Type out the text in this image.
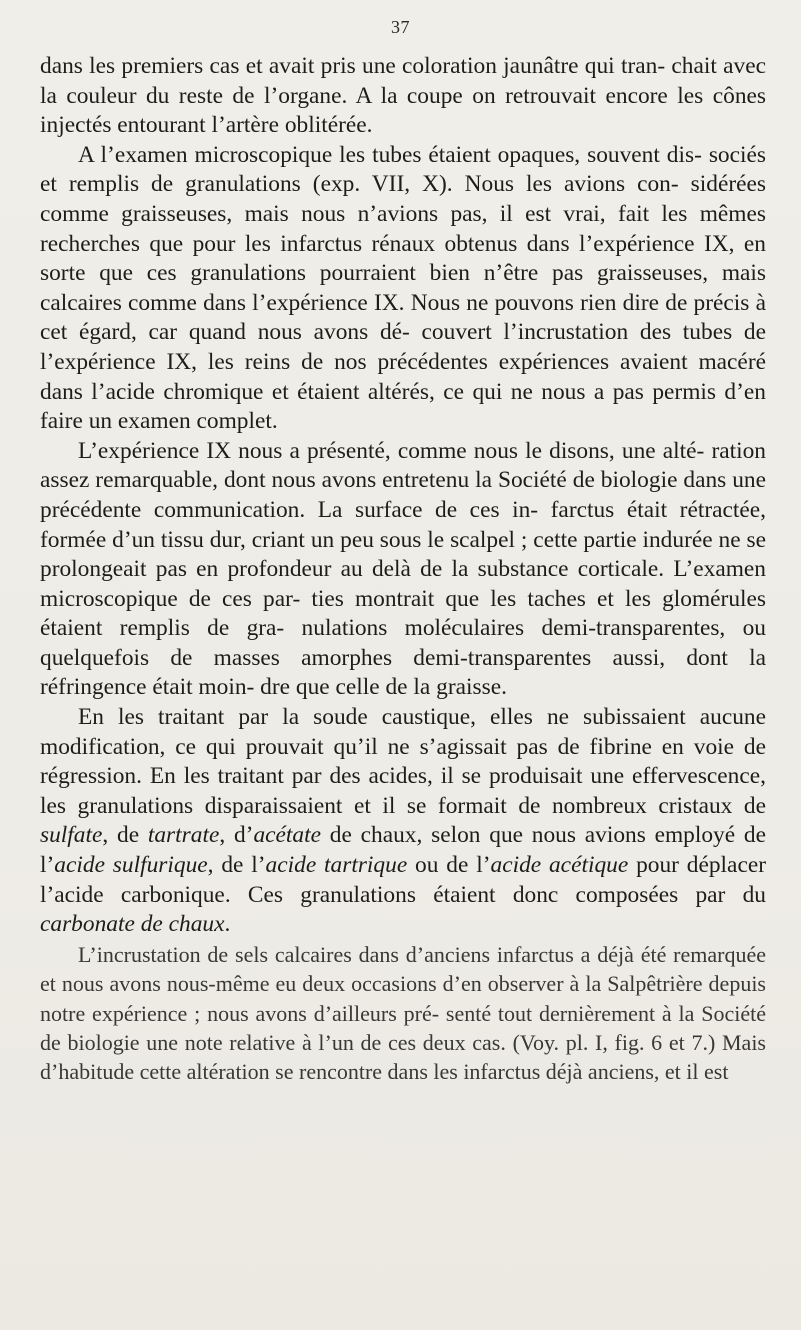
37

dans les premiers cas et avait pris une coloration jaunâtre qui tran- chait avec la couleur du reste de l’organe. A la coupe on retrouvait encore les cônes injectés entourant l’artère oblitérée.

A l’examen microscopique les tubes étaient opaques, souvent dis- sociés et remplis de granulations (exp. VII, X). Nous les avions con- sidérées comme graisseuses, mais nous n’avions pas, il est vrai, fait les mêmes recherches que pour les infarctus rénaux obtenus dans l’expérience IX, en sorte que ces granulations pourraient bien n’être pas graisseuses, mais calcaires comme dans l’expérience IX. Nous ne pouvons rien dire de précis à cet égard, car quand nous avons dé- couvert l’incrustation des tubes de l’expérience IX, les reins de nos précédentes expériences avaient macéré dans l’acide chromique et étaient altérés, ce qui ne nous a pas permis d’en faire un examen complet.

L’expérience IX nous a présenté, comme nous le disons, une alté- ration assez remarquable, dont nous avons entretenu la Société de biologie dans une précédente communication. La surface de ces in- farctus était rétractée, formée d’un tissu dur, criant un peu sous le scalpel ; cette partie indurée ne se prolongeait pas en profondeur au delà de la substance corticale. L’examen microscopique de ces par- ties montrait que les taches et les glomérules étaient remplis de gra- nulations moléculaires demi-transparentes, ou quelquefois de masses amorphes demi-transparentes aussi, dont la réfringence était moin- dre que celle de la graisse.

En les traitant par la soude caustique, elles ne subissaient aucune modification, ce qui prouvait qu’il ne s’agissait pas de fibrine en voie de régression. En les traitant par des acides, il se produisait une effervescence, les granulations disparaissaient et il se formait de nombreux cristaux de sulfate, de tartrate, d’acétate de chaux, selon que nous avions employé de l’acide sulfurique, de l’acide tartrique ou de l’acide acétique pour déplacer l’acide carbonique. Ces granulations étaient donc composées par du carbonate de chaux.

L’incrustation de sels calcaires dans d’anciens infarctus a déjà été remarquée et nous avons nous-même eu deux occasions d’en observer à la Salpêtrière depuis notre expérience ; nous avons d’ailleurs pré- senté tout dernièrement à la Société de biologie une note relative à l’un de ces deux cas. (Voy. pl. I, fig. 6 et 7.) Mais d’habitude cette altération se rencontre dans les infarctus déjà anciens, et il est
